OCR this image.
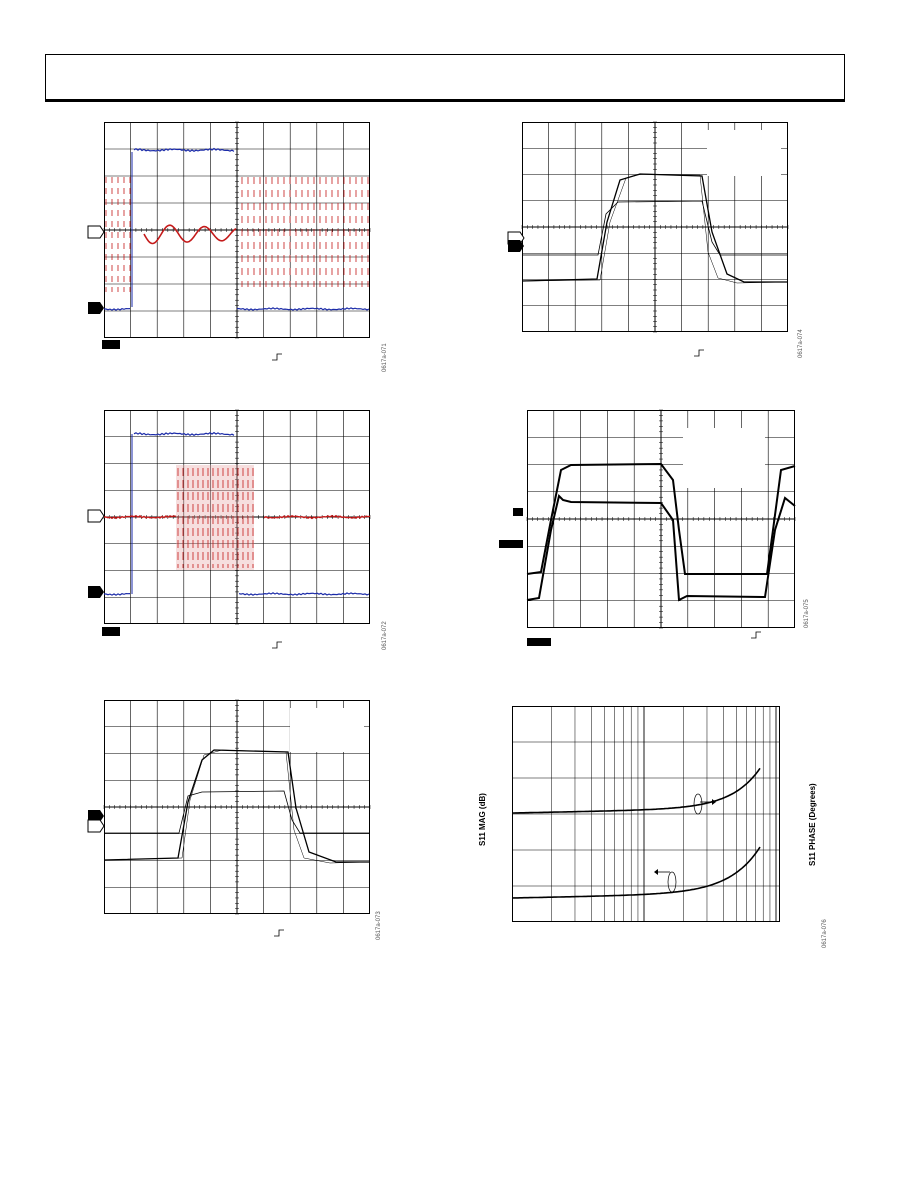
0617a-071	0617a-074
0617a-072
0617a-075
0617a-073
S11 MAG (dB)	S11 PHASE (Degrees)
0617a-076
